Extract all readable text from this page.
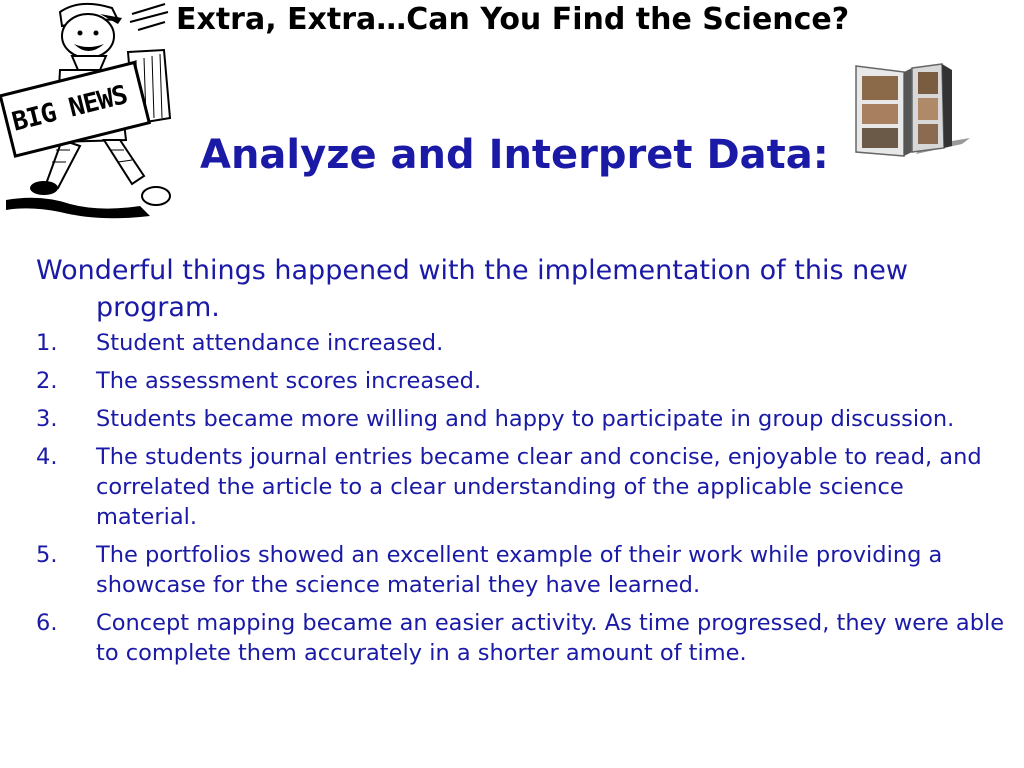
BIG NEWS
Extra, Extra…Can You Find the Science?
Analyze and Interpret Data:

Wonderful things happened with the implementation of this new program.

1.	Student attendance increased.
2.	The assessment scores increased.
3.	Students became more willing and happy to participate in group discussion.
4.	The students journal entries became clear and concise, enjoyable to read, and correlated the article to a clear understanding of the applicable science material.
5.	The portfolios showed an excellent example of their work while providing a showcase for the science material they have learned.
6.	Concept mapping became an easier activity. As time progressed, they were able to complete them accurately in a shorter amount of time.
